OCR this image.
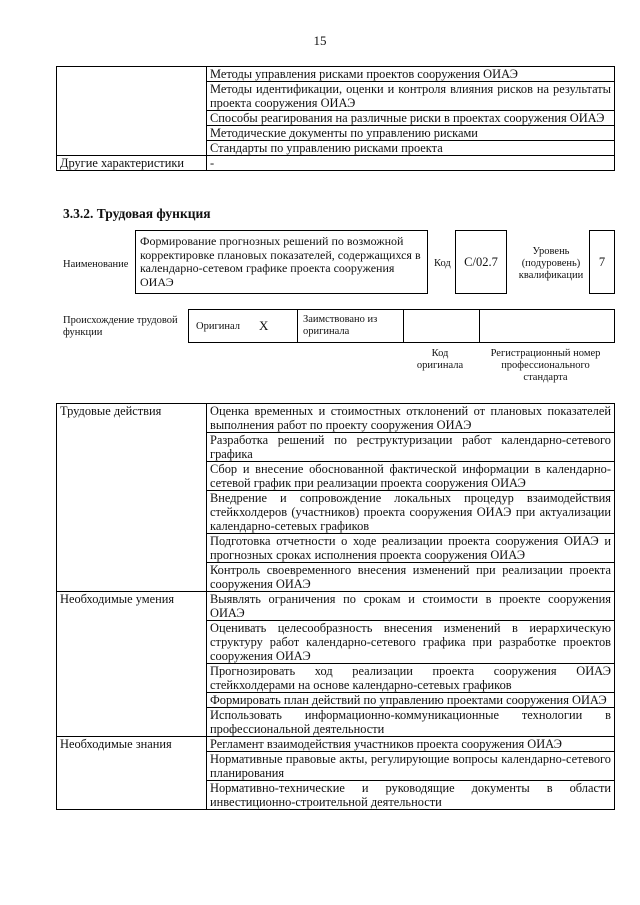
15
	Методы управления рисками проектов сооружения ОИАЭ
	Методы идентификации, оценки и контроля влияния рисков на результаты проекта сооружения ОИАЭ
	Способы реагирования на различные риски в проектах сооружения ОИАЭ
	Методические документы по управлению рисками
	Стандарты по управлению рисками проекта
Другие характеристики	-
3.3.2. Трудовая функция
Наименование
Формирование прогнозных решений по возможной корректировке плановых показателей, содержащихся в календарно-сетевом графике проекта сооружения ОИАЭ
Код C/02.7
Уровень (подуровень) квалификации
7
Происхождение трудовой функции
Оригинал X	Заимствовано из оригинала
Код оригинала
Регистрационный номер профессионального стандарта
Трудовые действия	Оценка временных и стоимостных отклонений от плановых показателей выполнения работ по проекту сооружения ОИАЭ
	Разработка решений по реструктуризации работ календарно-сетевого графика
	Сбор и внесение обоснованной фактической информации в календарно-сетевой график при реализации проекта сооружения ОИАЭ
	Внедрение и сопровождение локальных процедур взаимодействия стейкхолдеров (участников) проекта сооружения ОИАЭ при актуализации календарно-сетевых графиков
	Подготовка отчетности о ходе реализации проекта сооружения ОИАЭ и прогнозных сроках исполнения проекта сооружения ОИАЭ
	Контроль своевременного внесения изменений при реализации проекта сооружения ОИАЭ
Необходимые умения	Выявлять ограничения по срокам и стоимости в проекте сооружения ОИАЭ
	Оценивать целесообразность внесения изменений в иерархическую структуру работ календарно-сетевого графика при разработке проектов сооружения ОИАЭ
	Прогнозировать ход реализации проекта сооружения ОИАЭ стейкхолдерами на основе календарно-сетевых графиков
	Формировать план действий по управлению проектами сооружения ОИАЭ
	Использовать информационно-коммуникационные технологии в профессиональной деятельности
Необходимые знания	Регламент взаимодействия участников проекта сооружения ОИАЭ
	Нормативные правовые акты, регулирующие вопросы календарно-сетевого планирования
	Нормативно-технические и руководящие документы в области инвестиционно-строительной деятельности
